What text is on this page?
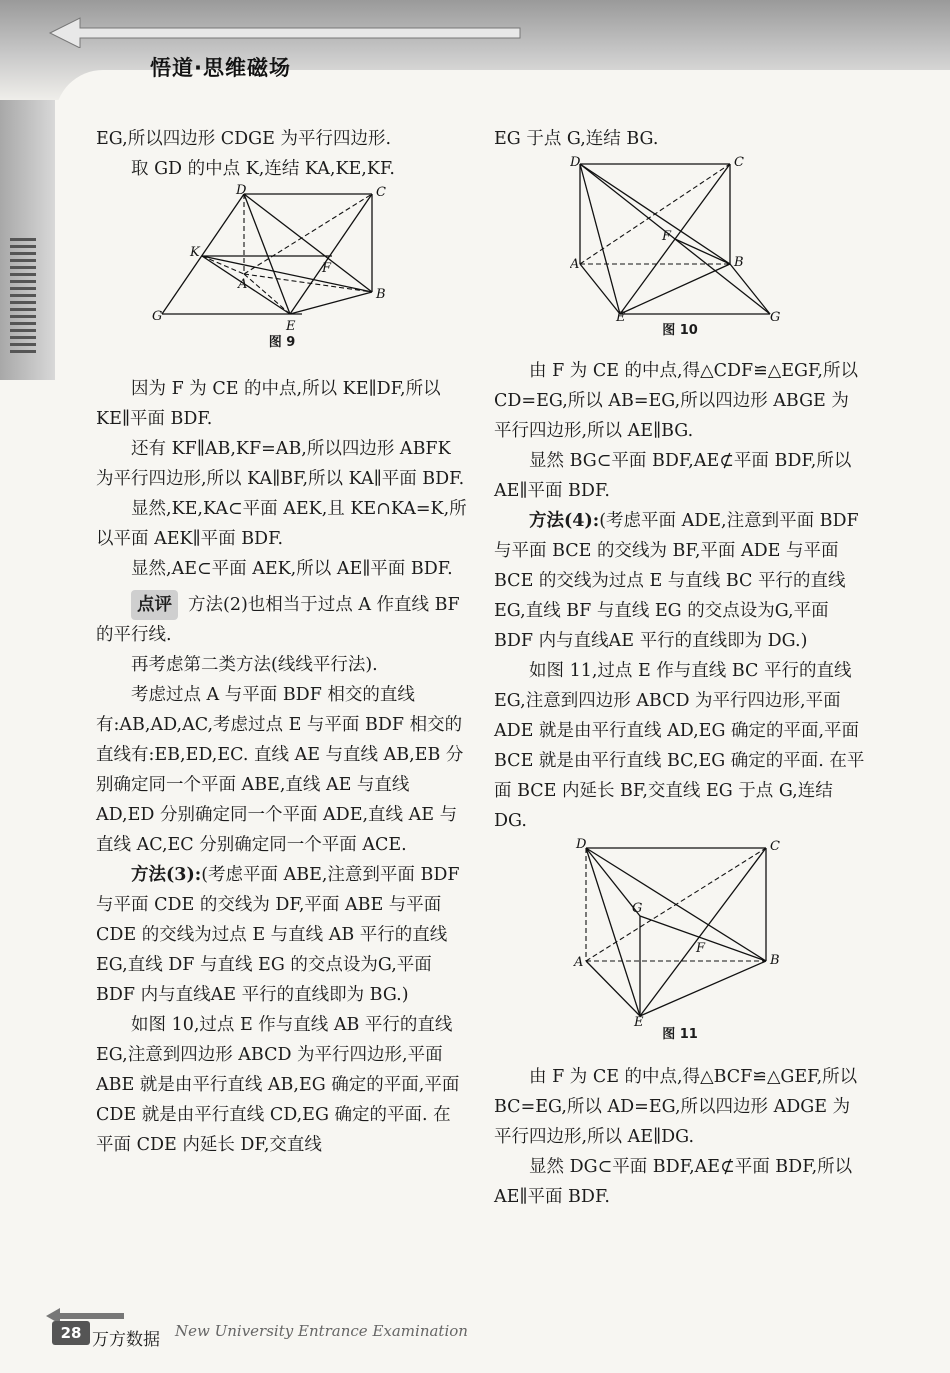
悟道·思维磁场

EG,所以四边形 CDGE 为平行四边形.

取 GD 的中点 K,连结 KA,KE,KF.

D	C
K
A
F
B
G
E
图 9

因为 F 为 CE 的中点,所以 KE∥DF,所以 KE∥平面 BDF.

还有 KF∥AB,KF=AB,所以四边形 ABFK 为平行四边形,所以 KA∥BF,所以 KA∥平面 BDF.

显然,KE,KA⊂平面 AEK,且 KE∩KA=K,所以平面 AEK∥平面 BDF.

显然,AE⊂平面 AEK,所以 AE∥平面 BDF.

点评 方法(2)也相当于过点 A 作直线 BF 的平行线.

再考虑第二类方法(线线平行法).

考虑过点 A 与平面 BDF 相交的直线有:AB,AD,AC,考虑过点 E 与平面 BDF 相交的直线有:EB,ED,EC. 直线 AE 与直线 AB,EB 分别确定同一个平面 ABE,直线 AE 与直线 AD,ED 分别确定同一个平面 ADE,直线 AE 与直线 AC,EC 分别确定同一个平面 ACE.

方法(3):(考虑平面 ABE,注意到平面 BDF 与平面 CDE 的交线为 DF,平面 ABE 与平面 CDE 的交线为过点 E 与直线 AB 平行的直线 EG,直线 DF 与直线 EG 的交点设为G,平面 BDF 内与直线AE 平行的直线即为 BG.)

如图 10,过点 E 作与直线 AB 平行的直线 EG,注意到四边形 ABCD 为平行四边形,平面 ABE 就是由平行直线 AB,EG 确定的平面,平面 CDE 就是由平行直线 CD,EG 确定的平面. 在平面 CDE 内延长 DF,交直线

EG 于点 G,连结 BG.

D	C
A
F
B
E	G
图 10

由 F 为 CE 的中点,得△CDF≌△EGF,所以 CD=EG,所以 AB=EG,所以四边形 ABGE 为平行四边形,所以 AE∥BG.

显然 BG⊂平面 BDF,AE⊄平面 BDF,所以 AE∥平面 BDF.

方法(4):(考虑平面 ADE,注意到平面 BDF 与平面 BCE 的交线为 BF,平面 ADE 与平面 BCE 的交线为过点 E 与直线 BC 平行的直线 EG,直线 BF 与直线 EG 的交点设为G,平面 BDF 内与直线AE 平行的直线即为 DG.)

如图 11,过点 E 作与直线 BC 平行的直线 EG,注意到四边形 ABCD 为平行四边形,平面 ADE 就是由平行直线 AD,EG 确定的平面,平面 BCE 就是由平行直线 BC,EG 确定的平面. 在平面 BCE 内延长 BF,交直线 EG 于点 G,连结 DG.

D	C
G
F
A	B
E
图 11

由 F 为 CE 的中点,得△BCF≌△GEF,所以 BC=EG,所以 AD=EG,所以四边形 ADGE 为平行四边形,所以 AE∥DG.

显然 DG⊂平面 BDF,AE⊄平面 BDF,所以 AE∥平面 BDF.

28 万方数据 New University Entrance Examination
